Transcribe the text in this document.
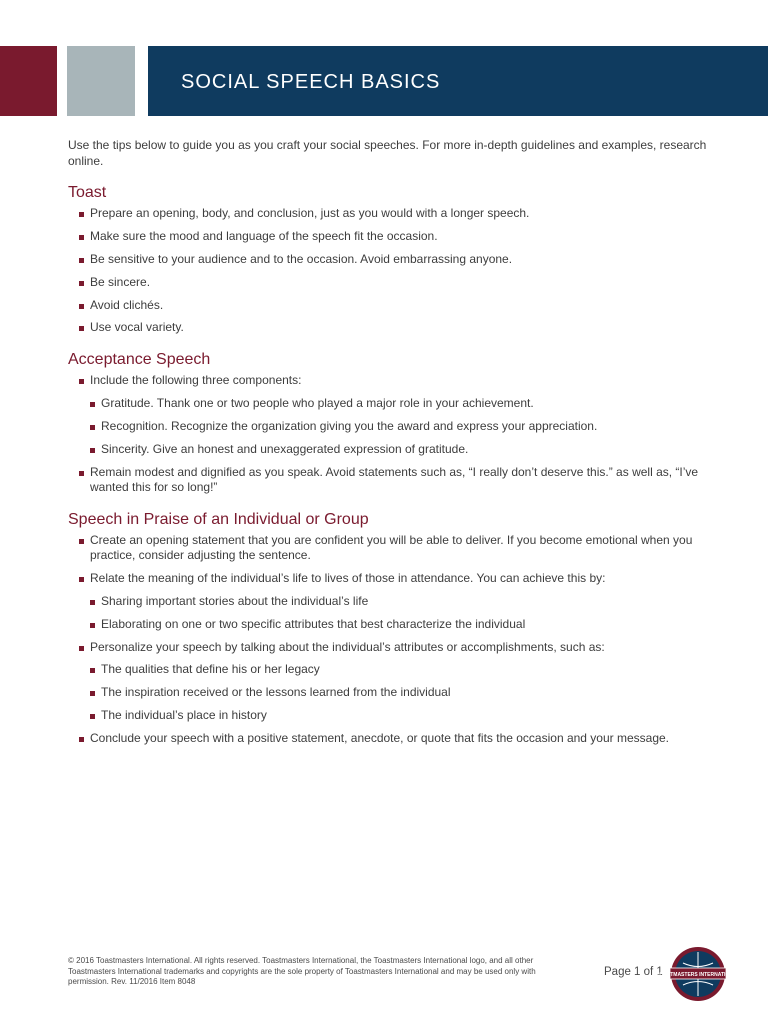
SOCIAL SPEECH BASICS

Use the tips below to guide you as you craft your social speeches. For more in-depth guidelines and examples, research online.

Toast
Prepare an opening, body, and conclusion, just as you would with a longer speech.
Make sure the mood and language of the speech fit the occasion.
Be sensitive to your audience and to the occasion. Avoid embarrassing anyone.
Be sincere.
Avoid clichés.
Use vocal variety.
Acceptance Speech
Include the following three components:
Gratitude. Thank one or two people who played a major role in your achievement.
Recognition. Recognize the organization giving you the award and express your appreciation.
Sincerity. Give an honest and unexaggerated expression of gratitude.
Remain modest and dignified as you speak. Avoid statements such as, “I really don’t deserve this.” as well as, “I’ve wanted this for so long!”
Speech in Praise of an Individual or Group
Create an opening statement that you are confident you will be able to deliver. If you become emotional when you practice, consider adjusting the sentence.
Relate the meaning of the individual’s life to lives of those in attendance. You can achieve this by:
Sharing important stories about the individual’s life
Elaborating on one or two specific attributes that best characterize the individual
Personalize your speech by talking about the individual’s attributes or accomplishments, such as:
The qualities that define his or her legacy
The inspiration received or the lessons learned from the individual
The individual’s place in history
Conclude your speech with a positive statement, anecdote, or quote that fits the occasion and your message.

© 2016 Toastmasters International. All rights reserved. Toastmasters International, the Toastmasters International logo, and all other Toastmasters International trademarks and copyrights are the sole property of Toastmasters International and may be used only with permission. Rev. 11/2016 Item 8048

Page 1 of 1
TOASTMASTERS INTERNATIONAL
